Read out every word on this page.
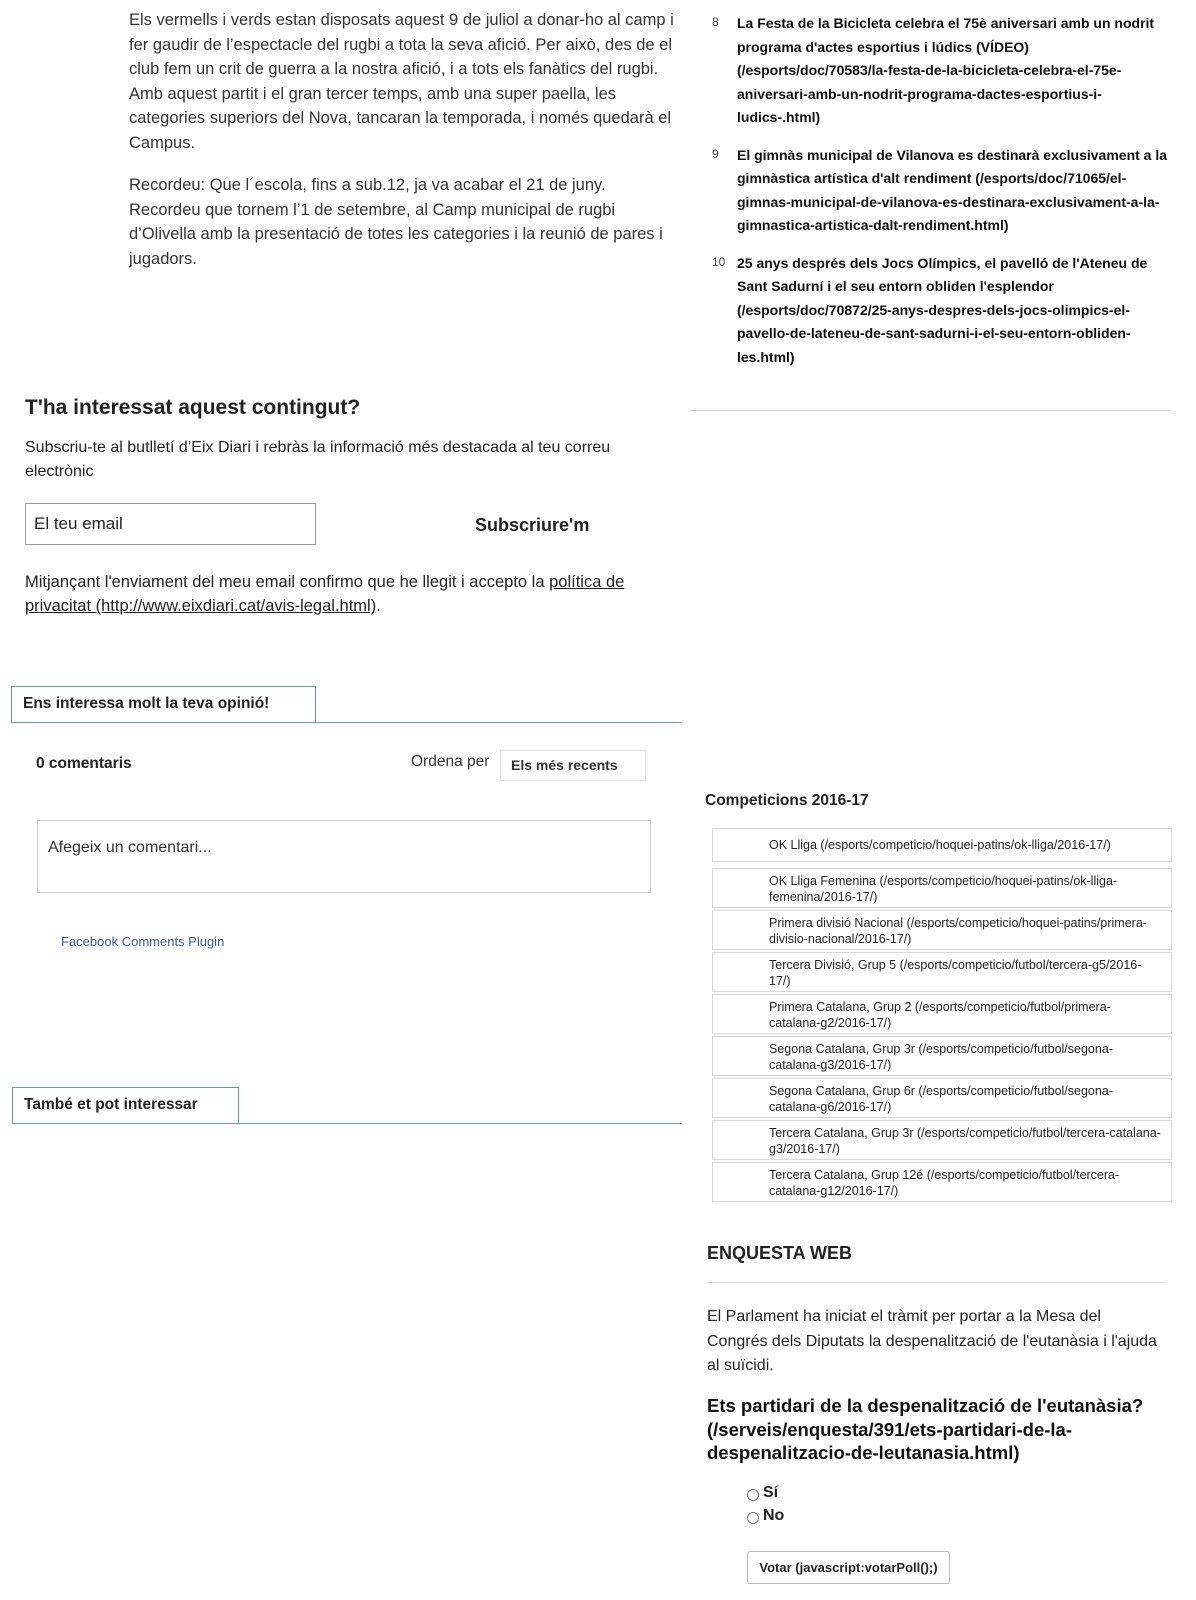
Els vermells i verds estan disposats aquest 9 de juliol a donar-ho al camp i fer gaudir de l’espectacle del rugbi a tota la seva afició. Per això, des de el club fem un crit de guerra a la nostra afició, i a tots els fanàtics del rugbi. Amb aquest partit i el gran tercer temps, amb una super paella, les categories superiors del Nova, tancaran la temporada, i només quedarà el Campus.

Recordeu: Que l´escola, fins a sub.12, ja va acabar el 21 de juny. Recordeu que tornem l’1 de setembre, al Camp municipal de rugbi d’Olivella amb la presentació de totes les categories i la reunió de pares i jugadors.

8	La Festa de la Bicicleta celebra el 75è aniversari amb un nodrit programa d'actes esportius i lúdics (VÍDEO) (/esports/doc/70583/la-festa-de-la-bicicleta-celebra-el-75e-aniversari-amb-un-nodrit-programa-dactes-esportius-i-ludics-.html)
9	El gimnàs municipal de Vilanova es destinarà exclusivament a la gimnàstica artística d'alt rendiment (/esports/doc/71065/el-gimnas-municipal-de-vilanova-es-destinara-exclusivament-a-la-gimnastica-artistica-dalt-rendiment.html)
10 25 anys després dels Jocs Olímpics, el pavelló de l'Ateneu de Sant Sadurní i el seu entorn obliden l'esplendor (/esports/doc/70872/25-anys-despres-dels-jocs-olimpics-el-pavello-de-lateneu-de-sant-sadurni-i-el-seu-entorn-obliden-les.html)
T'ha interessat aquest contingut?
Subscriu-te al butlletí d’Eix Diari i rebràs la informació més destacada al teu correu electrònic
El teu email	Subscriure'm
Mitjançant l'enviament del meu email confirmo que he llegit i accepto la política de privacitat (http://www.eixdiari.cat/avis-legal.html).
Ens interessa molt la teva opinió!
0 comentaris	Ordena per	Els més recents
Afegeix un comentari...
Facebook Comments Plugin
També et pot interessar
Competicions 2016-17
OK Lliga (/esports/competicio/hoquei-patins/ok-lliga/2016-17/)
OK Lliga Femenina (/esports/competicio/hoquei-patins/ok-lliga-femenina/2016-17/)
Primera divisió Nacional (/esports/competicio/hoquei-patins/primera-divisio-nacional/2016-17/)
Tercera Divisió, Grup 5 (/esports/competicio/futbol/tercera-g5/2016-17/)
Primera Catalana, Grup 2 (/esports/competicio/futbol/primera-catalana-g2/2016-17/)
Segona Catalana, Grup 3r (/esports/competicio/futbol/segona-catalana-g3/2016-17/)
Segona Catalana, Grup 6r (/esports/competicio/futbol/segona-catalana-g6/2016-17/)
Tercera Catalana, Grup 3r (/esports/competicio/futbol/tercera-catalana-g3/2016-17/)
Tercera Catalana, Grup 12é (/esports/competicio/futbol/tercera-catalana-g12/2016-17/)
ENQUESTA WEB
El Parlament ha iniciat el tràmit per portar a la Mesa del Congrés dels Diputats la despenalització de l'eutanàsia i l'ajuda al suïcidi.
Ets partidari de la despenalització de l'eutanàsia? (/serveis/enquesta/391/ets-partidari-de-la-despenalitzacio-de-leutanasia.html)
Sí
No
Votar (javascript:votarPoll();)
